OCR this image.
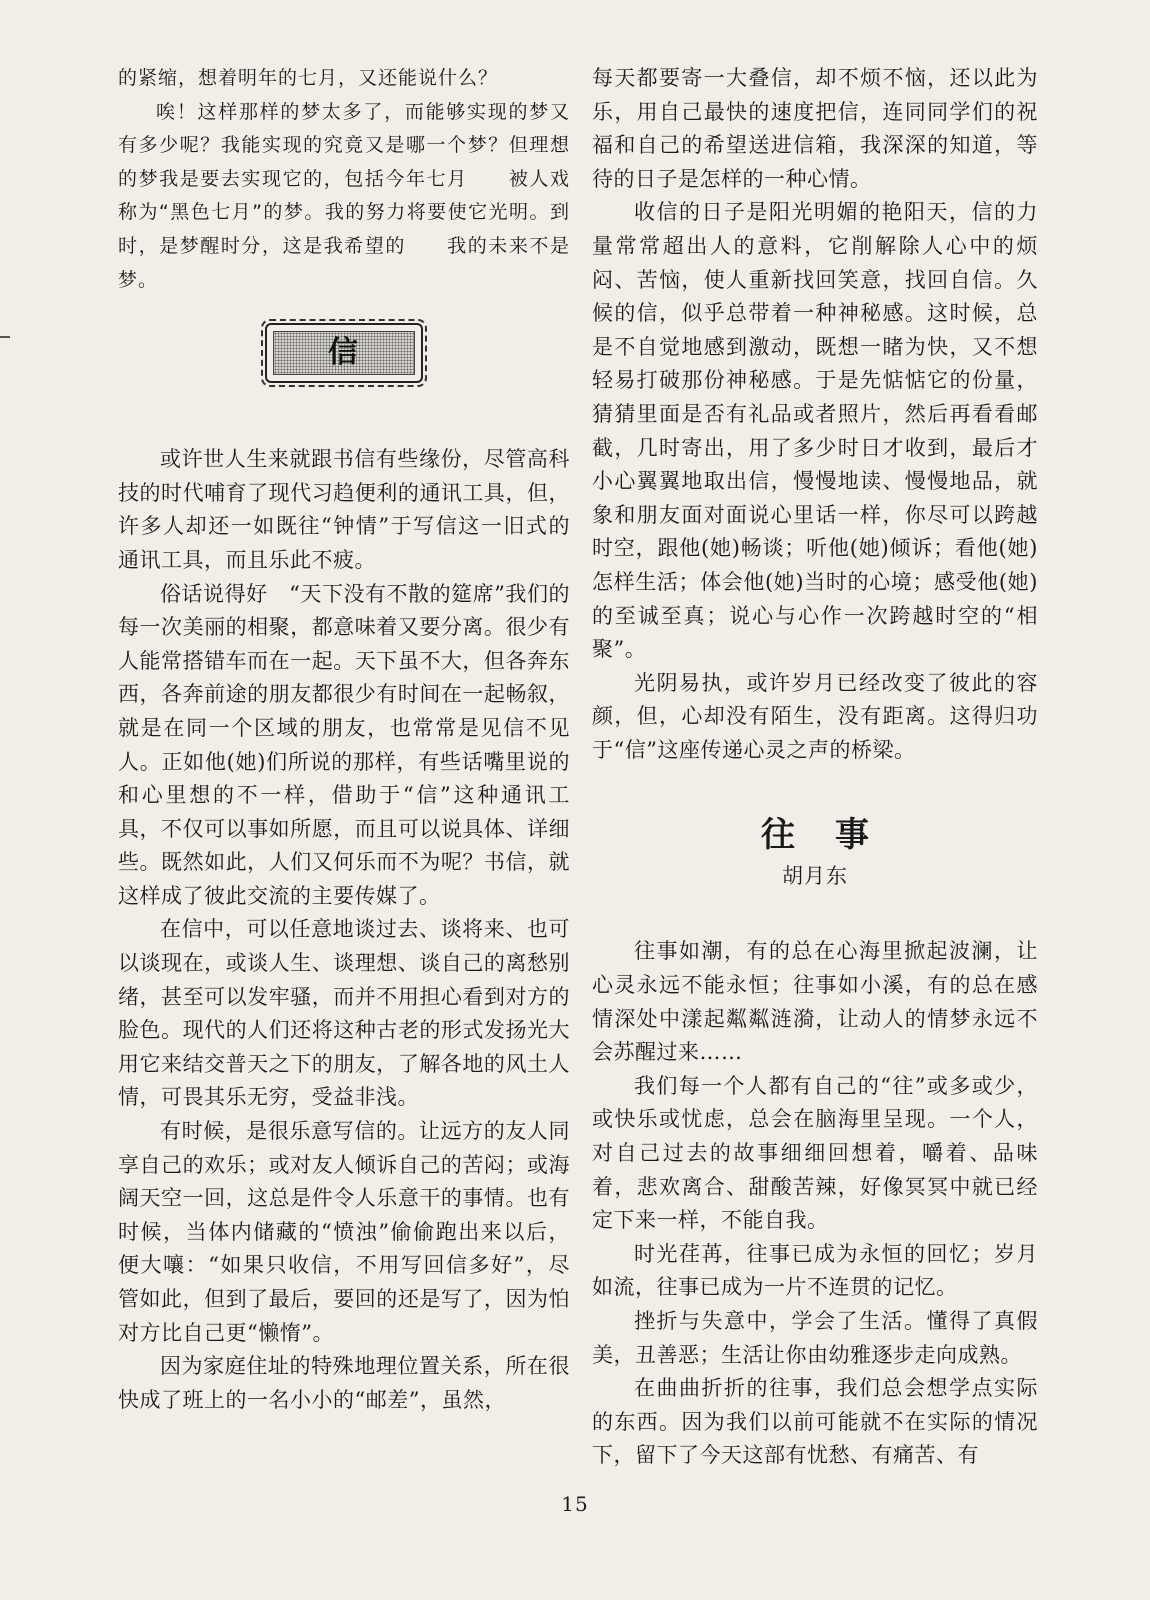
的紧缩，想着明年的七月，又还能说什么？

唉！这样那样的梦太多了，而能够实现的梦又有多少呢？我能实现的究竟又是哪一个梦？但理想的梦我是要去实现它的，包括今年七月　　被人戏称为“黑色七月”的梦。我的努力将要使它光明。到时，是梦醒时分，这是我希望的　　我的未来不是梦。

信

或许世人生来就跟书信有些缘份，尽管高科技的时代哺育了现代习趋便利的通讯工具，但，许多人却还一如既往“钟情”于写信这一旧式的通讯工具，而且乐此不疲。

俗话说得好　“天下没有不散的筵席”我们的每一次美丽的相聚，都意味着又要分离。很少有人能常搭错车而在一起。天下虽不大，但各奔东西，各奔前途的朋友都很少有时间在一起畅叙，就是在同一个区域的朋友，也常常是见信不见人。正如他(她)们所说的那样，有些话嘴里说的和心里想的不一样，借助于“信”这种通讯工具，不仅可以事如所愿，而且可以说具体、详细些。既然如此，人们又何乐而不为呢？书信，就这样成了彼此交流的主要传媒了。

在信中，可以任意地谈过去、谈将来、也可以谈现在，或谈人生、谈理想、谈自己的离愁别绪，甚至可以发牢骚，而并不用担心看到对方的脸色。现代的人们还将这种古老的形式发扬光大　　用它来结交普天之下的朋友，了解各地的风土人情，可畏其乐无穷，受益非浅。

有时候，是很乐意写信的。让远方的友人同享自己的欢乐；或对友人倾诉自己的苦闷；或海阔天空一回，这总是件令人乐意干的事情。也有时候，当体内储藏的“愤浊”偷偷跑出来以后，便大嚷：“如果只收信，不用写回信多好”，尽管如此，但到了最后，要回的还是写了，因为怕对方比自己更“懒惰”。

因为家庭住址的特殊地理位置关系，所在很快成了班上的一名小小的“邮差”，虽然，

每天都要寄一大叠信，却不烦不恼，还以此为乐，用自己最快的速度把信，连同同学们的祝福和自己的希望送进信箱，我深深的知道，等待的日子是怎样的一种心情。

收信的日子是阳光明媚的艳阳天，信的力量常常超出人的意料，它削解除人心中的烦闷、苦恼，使人重新找回笑意，找回自信。久候的信，似乎总带着一种神秘感。这时候，总是不自觉地感到激动，既想一睹为快，又不想轻易打破那份神秘感。于是先惦惦它的份量，猜猜里面是否有礼品或者照片，然后再看看邮截，几时寄出，用了多少时日才收到，最后才小心翼翼地取出信，慢慢地读、慢慢地品，就象和朋友面对面说心里话一样，你尽可以跨越时空，跟他(她)畅谈；听他(她)倾诉；看他(她)怎样生活；体会他(她)当时的心境；感受他(她)的至诚至真；说心与心作一次跨越时空的“相聚”。

光阴易执，或许岁月已经改变了彼此的容颜，但，心却没有陌生，没有距离。这得归功于“信”这座传递心灵之声的桥梁。

往事
胡月东

往事如潮，有的总在心海里掀起波澜，让心灵永远不能永恒；往事如小溪，有的总在感情深处中漾起粼粼涟漪，让动人的情梦永远不会苏醒过来……

我们每一个人都有自己的“往”或多或少，或快乐或忧虑，总会在脑海里呈现。一个人，对自己过去的故事细细回想着，嚼着、品味着，悲欢离合、甜酸苦辣，好像冥冥中就已经定下来一样，不能自我。

时光荏苒，往事已成为永恒的回忆；岁月如流，往事已成为一片不连贯的记忆。

挫折与失意中，学会了生活。懂得了真假美，丑善恶；生活让你由幼雅逐步走向成熟。

在曲曲折折的往事，我们总会想学点实际的东西。因为我们以前可能就不在实际的情况下，留下了今天这部有忧愁、有痛苦、有

15
